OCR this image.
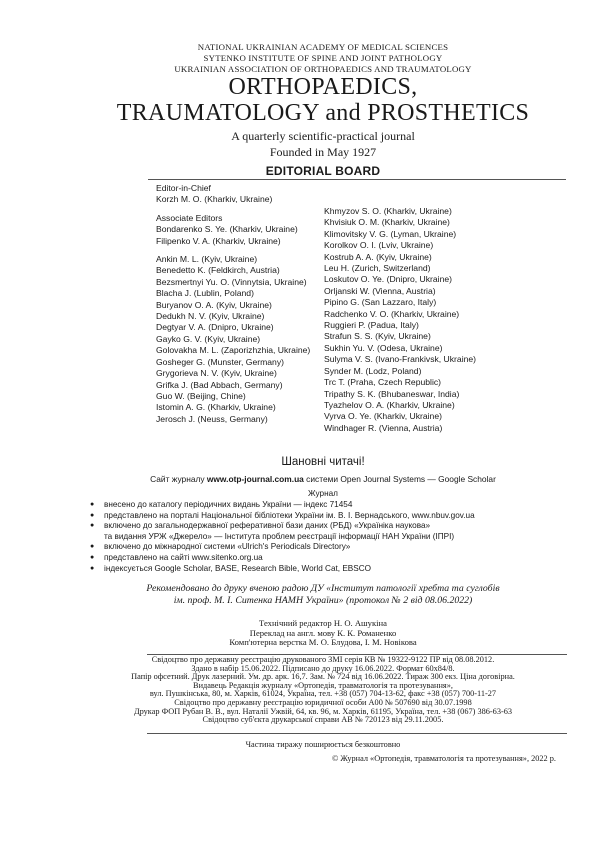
NATIONAL UKRAINIAN ACADEMY OF MEDICAL SCIENCES
SYTENKO INSTITUTE OF SPINE AND JOINT PATHOLOGY
UKRAINIAN ASSOCIATION OF ORTHOPAEDICS AND TRAUMATOLOGY
ORTHOPAEDICS,
TRAUMATOLOGY and PROSTHETICS
A quarterly scientific-practical journal
Founded in May 1927
EDITORIAL BOARD
Editor-in-Chief
Korzh M. O. (Kharkiv, Ukraine)
Associate Editors
Bondarenko S. Ye. (Kharkiv, Ukraine)
Filipenko V. A. (Kharkiv, Ukraine)
Ankin M. L. (Kyiv, Ukraine)
Benedetto K. (Feldkirch, Austria)
Bezsmertnyi Yu. O. (Vinnytsia, Ukraine)
Blacha J. (Lublin, Poland)
Buryanov O. A. (Kyiv, Ukraine)
Dedukh N. V. (Kyiv, Ukraine)
Degtyar V. A. (Dnipro, Ukraine)
Gayko G. V. (Kyiv, Ukraine)
Golovakha M. L. (Zaporizhzhia, Ukraine)
Gosheger G. (Munster, Germany)
Grygorieva N. V. (Kyiv, Ukraine)
Grifka J. (Bad Abbach, Germany)
Guo W. (Beijing, Chine)
Istomin A. G. (Kharkiv, Ukraine)
Jerosch J. (Neuss, Germany)
Khmyzov S. O. (Kharkiv, Ukraine)
Khvisiuk O. M. (Kharkiv, Ukraine)
Klimovitsky V. G. (Lyman, Ukraine)
Korolkov O. I. (Lviv, Ukraine)
Kostrub A. A. (Kyiv, Ukraine)
Leu H. (Zurich, Switzerland)
Loskutov O. Ye. (Dnipro, Ukraine)
Orljanski W. (Vienna, Austria)
Pipino G. (San Lazzaro, Italy)
Radchenko V. O. (Kharkiv, Ukraine)
Ruggieri P. (Padua, Italy)
Strafun S. S. (Kyiv, Ukraine)
Sukhin Yu. V. (Odesa, Ukraine)
Sulyma V. S. (Ivano-Frankivsk, Ukraine)
Synder M. (Lodz, Poland)
Trc T. (Praha, Czech Republic)
Tripathy S. K. (Bhubaneswar, India)
Tyazhelov O. A. (Kharkiv, Ukraine)
Vyrva O. Ye. (Kharkiv, Ukraine)
Windhager R. (Vienna, Austria)
Шановні читачі!
Сайт журналу www.otp-journal.com.ua системи Open Journal Systems — Google Scholar
Журнал
● внесено до каталогу періодичних видань України — індекс 71454
● представлено на порталі Національної бібліотеки України ім. В. І. Вернадського, www.nbuv.gov.ua
● включено до загальнодержавної реферативної бази даних (РБД) «Україніка наукова»
та видання УРЖ «Джерело» — Інститута проблем реєстрації інформації НАН України (ІПРІ)
● включено до міжнародної системи «Ulrich's Periodicals Directory»
● представлено на сайті www.sitenko.org.ua
● індексується Google Scholar, BASE, Research Bible, World Cat, EBSCO
Рекомендовано до друку вченою радою ДУ «Інститут патології хребта та суглобів
ім. проф. М. І. Ситенка НАМН України» (протокол № 2 від 08.06.2022)
Технічний редактор Н. О. Ашукіна
Переклад на англ. мову К. К. Романенко
Комп'ютерна верстка М. О. Блудова, І. М. Новікова
Свідоцтво про державну реєстрацію друкованого ЗМІ серія КВ № 19322-9122 ПР від 08.08.2012.
Здано в набір 15.06.2022. Підписано до друку 16.06.2022. Формат 60x84/8.
Папір офсетний. Друк лазерний. Ум. др. арк. 16,7. Зам. № 724 від 16.06.2022. Тираж 300 екз. Ціна договірна.
Видавець Редакція журналу «Ортопедія, травматологія та протезування»,
вул. Пушкінська, 80, м. Харків, 61024, Україна, тел. +38 (057) 704-13-62, факс +38 (057) 700-11-27
Свідоцтво про державну реєстрацію юридичної особи А00 № 507690 від 30.07.1998
Друкар ФОП Рубан В. В., вул. Наталії Ужвій, 64, кв. 96, м. Харків, 61195, Україна, тел. +38 (067) 386-63-63
Свідоцтво суб'єкта друкарської справи АВ № 720123 від 29.11.2005.
Частина тиражу поширюється безкоштовно
© Журнал «Ортопедія, травматологія та протезування», 2022 р.
